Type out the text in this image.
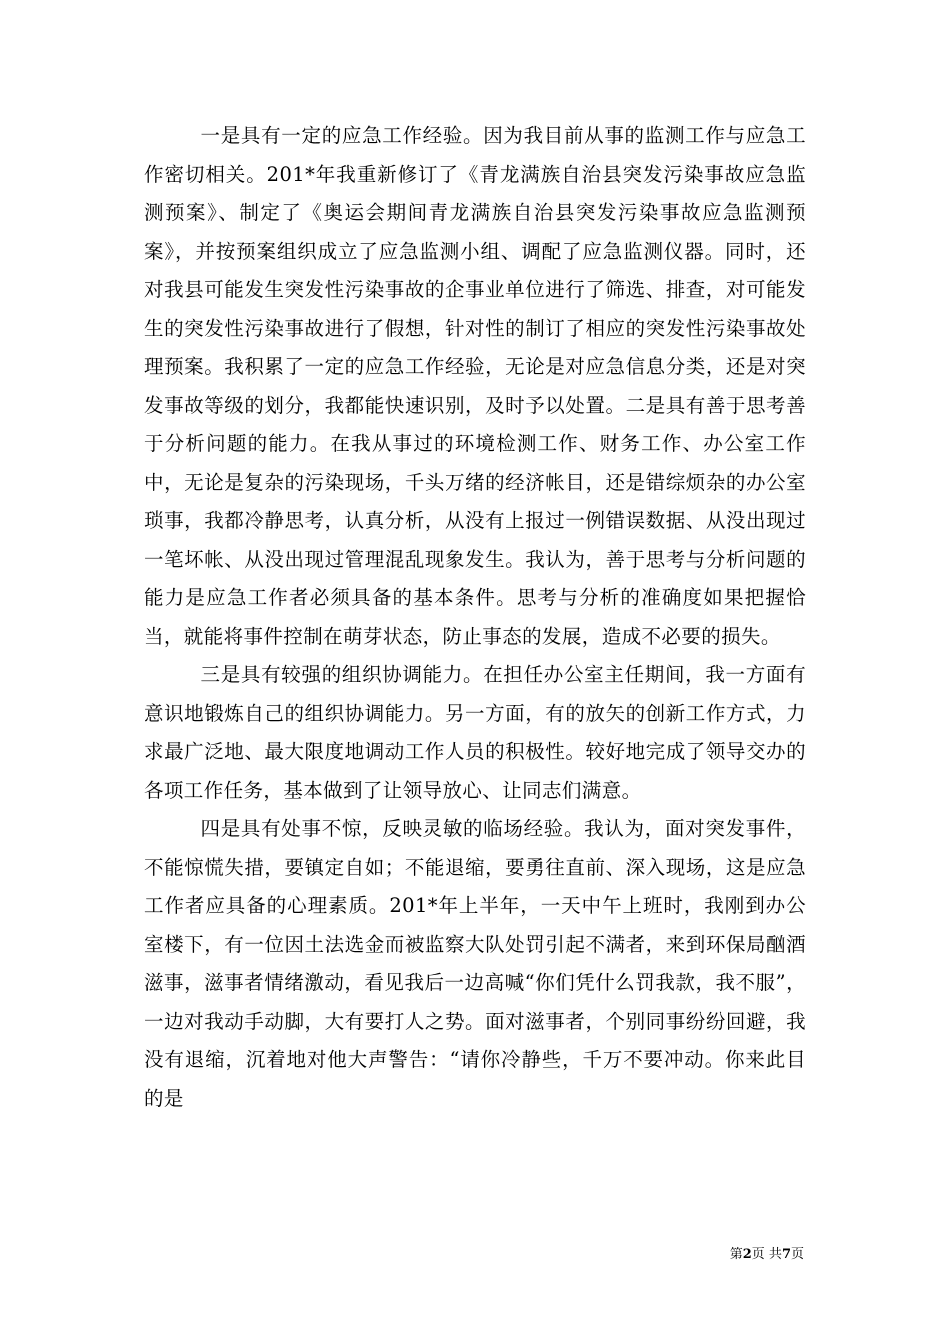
一是具有一定的应急工作经验。因为我目前从事的监测工作与应急工作密切相关。201*年我重新修订了《青龙满族自治县突发污染事故应急监测预案》、制定了《奥运会期间青龙满族自治县突发污染事故应急监测预案》，并按预案组织成立了应急监测小组、调配了应急监测仪器。同时，还对我县可能发生突发性污染事故的企事业单位进行了筛选、排查，对可能发生的突发性污染事故进行了假想，针对性的制订了相应的突发性污染事故处理预案。我积累了一定的应急工作经验，无论是对应急信息分类，还是对突发事故等级的划分，我都能快速识别，及时予以处置。二是具有善于思考善于分析问题的能力。在我从事过的环境检测工作、财务工作、办公室工作中，无论是复杂的污染现场，千头万绪的经济帐目，还是错综烦杂的办公室琐事，我都冷静思考，认真分析，从没有上报过一例错误数据、从没出现过一笔坏帐、从没出现过管理混乱现象发生。我认为，善于思考与分析问题的能力是应急工作者必须具备的基本条件。思考与分析的准确度如果把握恰当，就能将事件控制在萌芽状态，防止事态的发展，造成不必要的损失。

三是具有较强的组织协调能力。在担任办公室主任期间，我一方面有意识地锻炼自己的组织协调能力。另一方面，有的放矢的创新工作方式，力求最广泛地、最大限度地调动工作人员的积极性。较好地完成了领导交办的各项工作任务，基本做到了让领导放心、让同志们满意。

四是具有处事不惊，反映灵敏的临场经验。我认为，面对突发事件，不能惊慌失措，要镇定自如；不能退缩，要勇往直前、深入现场，这是应急工作者应具备的心理素质。201*年上半年，一天中午上班时，我刚到办公室楼下，有一位因土法选金而被监察大队处罚引起不满者，来到环保局酗酒滋事，滋事者情绪激动，看见我后一边高喊“你们凭什么罚我款，我不服”，一边对我动手动脚，大有要打人之势。面对滋事者，个别同事纷纷回避，我没有退缩，沉着地对他大声警告：“请你冷静些，千万不要冲动。你来此目的是

第2页 共7页
